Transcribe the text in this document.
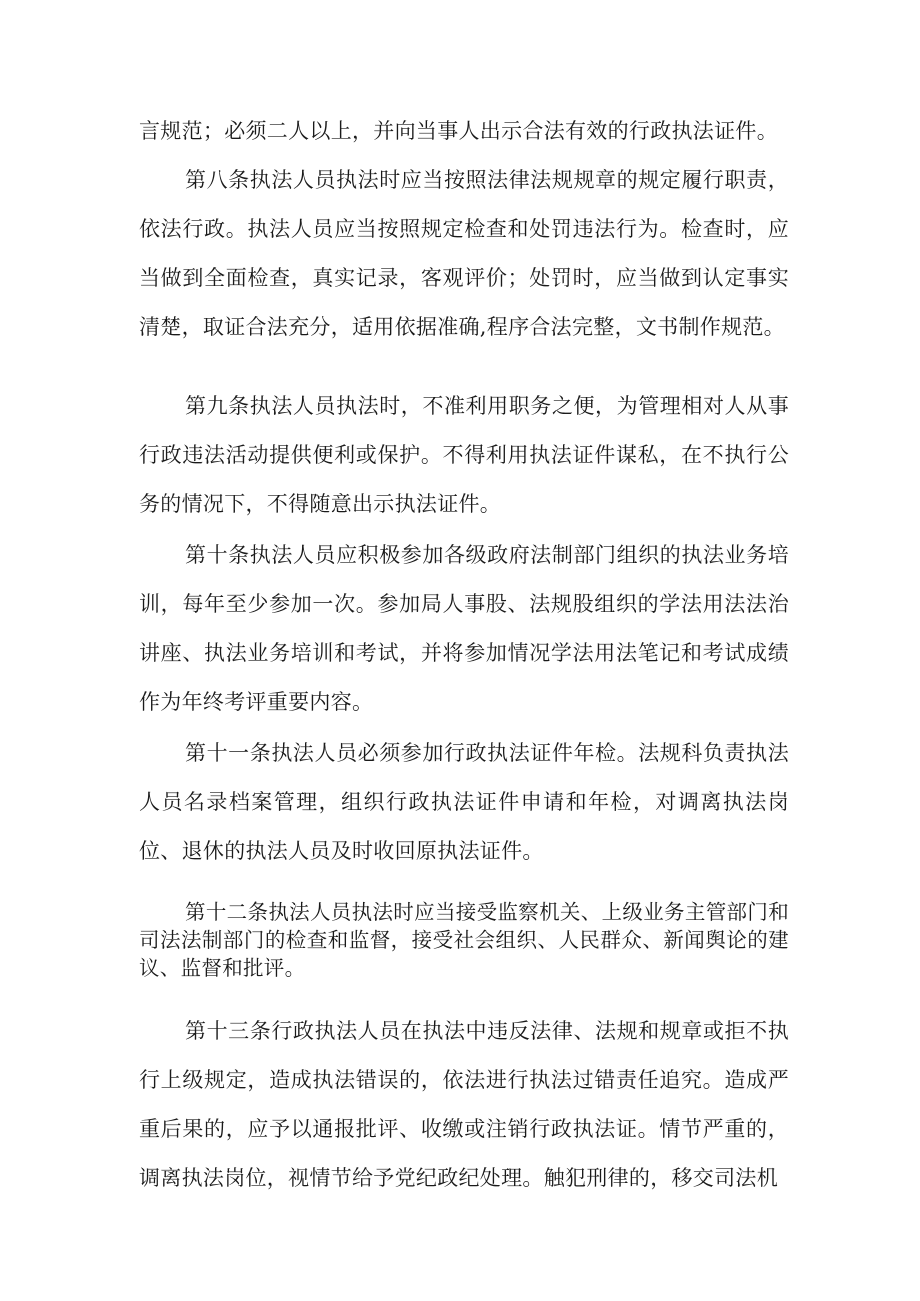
言规范；必须二人以上，并向当事人出示合法有效的行政执法证件。

第八条执法人员执法时应当按照法律法规规章的规定履行职责，依法行政。执法人员应当按照规定检查和处罚违法行为。检查时，应当做到全面检查，真实记录，客观评价；处罚时，应当做到认定事实清楚，取证合法充分，适用依据准确,程序合法完整，文书制作规范。

第九条执法人员执法时，不准利用职务之便，为管理相对人从事行政违法活动提供便利或保护。不得利用执法证件谋私，在不执行公务的情况下，不得随意出示执法证件。

第十条执法人员应积极参加各级政府法制部门组织的执法业务培训，每年至少参加一次。参加局人事股、法规股组织的学法用法法治讲座、执法业务培训和考试，并将参加情况学法用法笔记和考试成绩作为年终考评重要内容。

第十一条执法人员必须参加行政执法证件年检。法规科负责执法人员名录档案管理，组织行政执法证件申请和年检，对调离执法岗位、退休的执法人员及时收回原执法证件。

第十二条执法人员执法时应当接受监察机关、上级业务主管部门和司法法制部门的检查和监督，接受社会组织、人民群众、新闻舆论的建议、监督和批评。

第十三条行政执法人员在执法中违反法律、法规和规章或拒不执行上级规定，造成执法错误的，依法进行执法过错责任追究。造成严重后果的，应予以通报批评、收缴或注销行政执法证。情节严重的，调离执法岗位，视情节给予党纪政纪处理。触犯刑律的，移交司法机
